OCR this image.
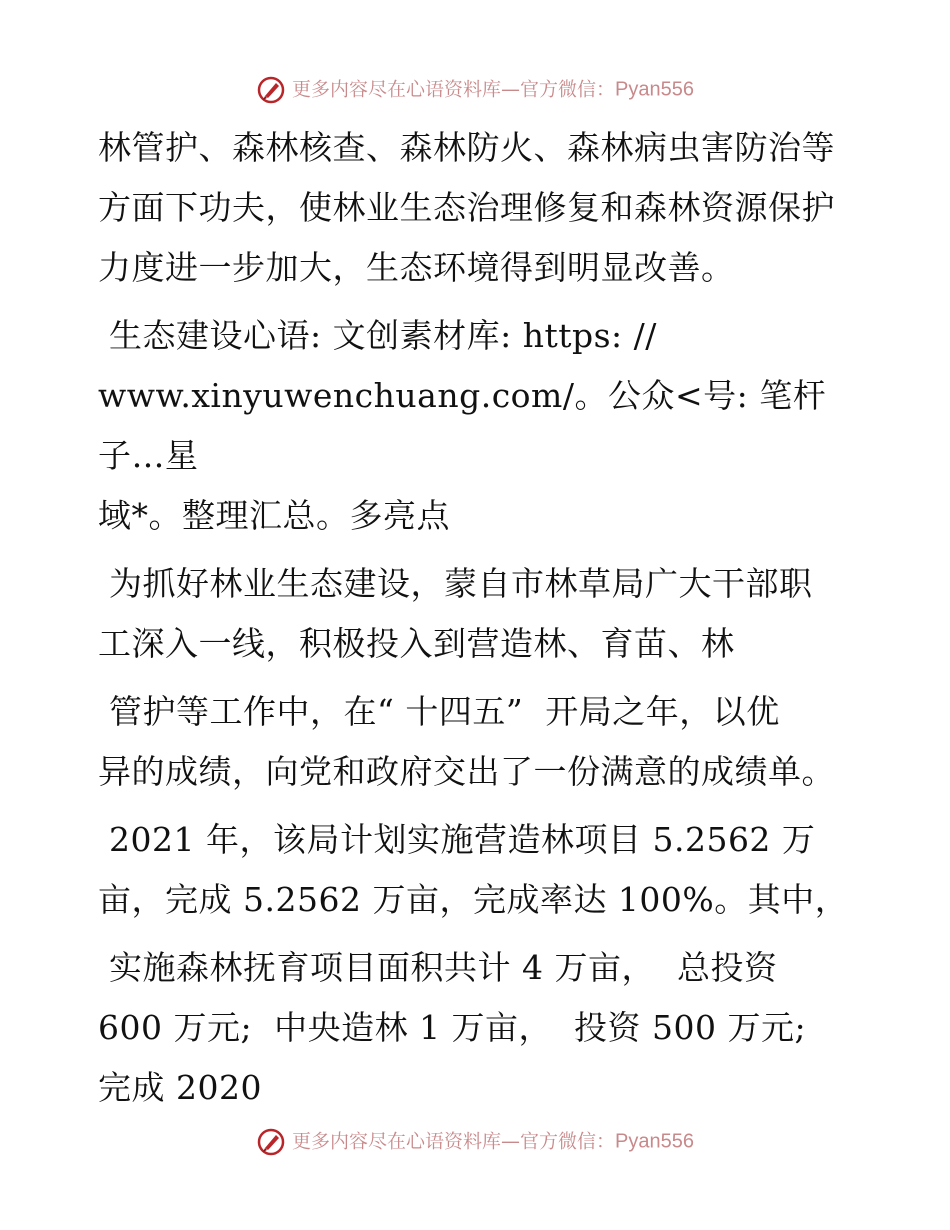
更多内容尽在心语资料库—官方微信：Pyan556

林管护、森林核查、森林防火、森林病虫害防治等
方面下功夫，使林业生态治理修复和森林资源保护
力度进一步加大，生态环境得到明显改善。

生态建设心语: 文创素材库: https: //
www.xinyuwenchuang.com/。公众<号: 笔杆子…星
域*。整理汇总。多亮点

为抓好林业生态建设，蒙自市林草局广大干部职
工深入一线，积极投入到营造林、育苗、林

管护等工作中，在“ 十四五”  开局之年，以优
异的成绩，向党和政府交出了一份满意的成绩单。

2021 年，该局计划实施营造林项目 5.2562 万
亩，完成 5.2562 万亩，完成率达 100%。其中，

实施森林抚育项目面积共计 4 万亩，  总投资
600 万元;  中央造林 1 万亩，  投资 500 万元;
完成 2020

更多内容尽在心语资料库—官方微信：Pyan556
